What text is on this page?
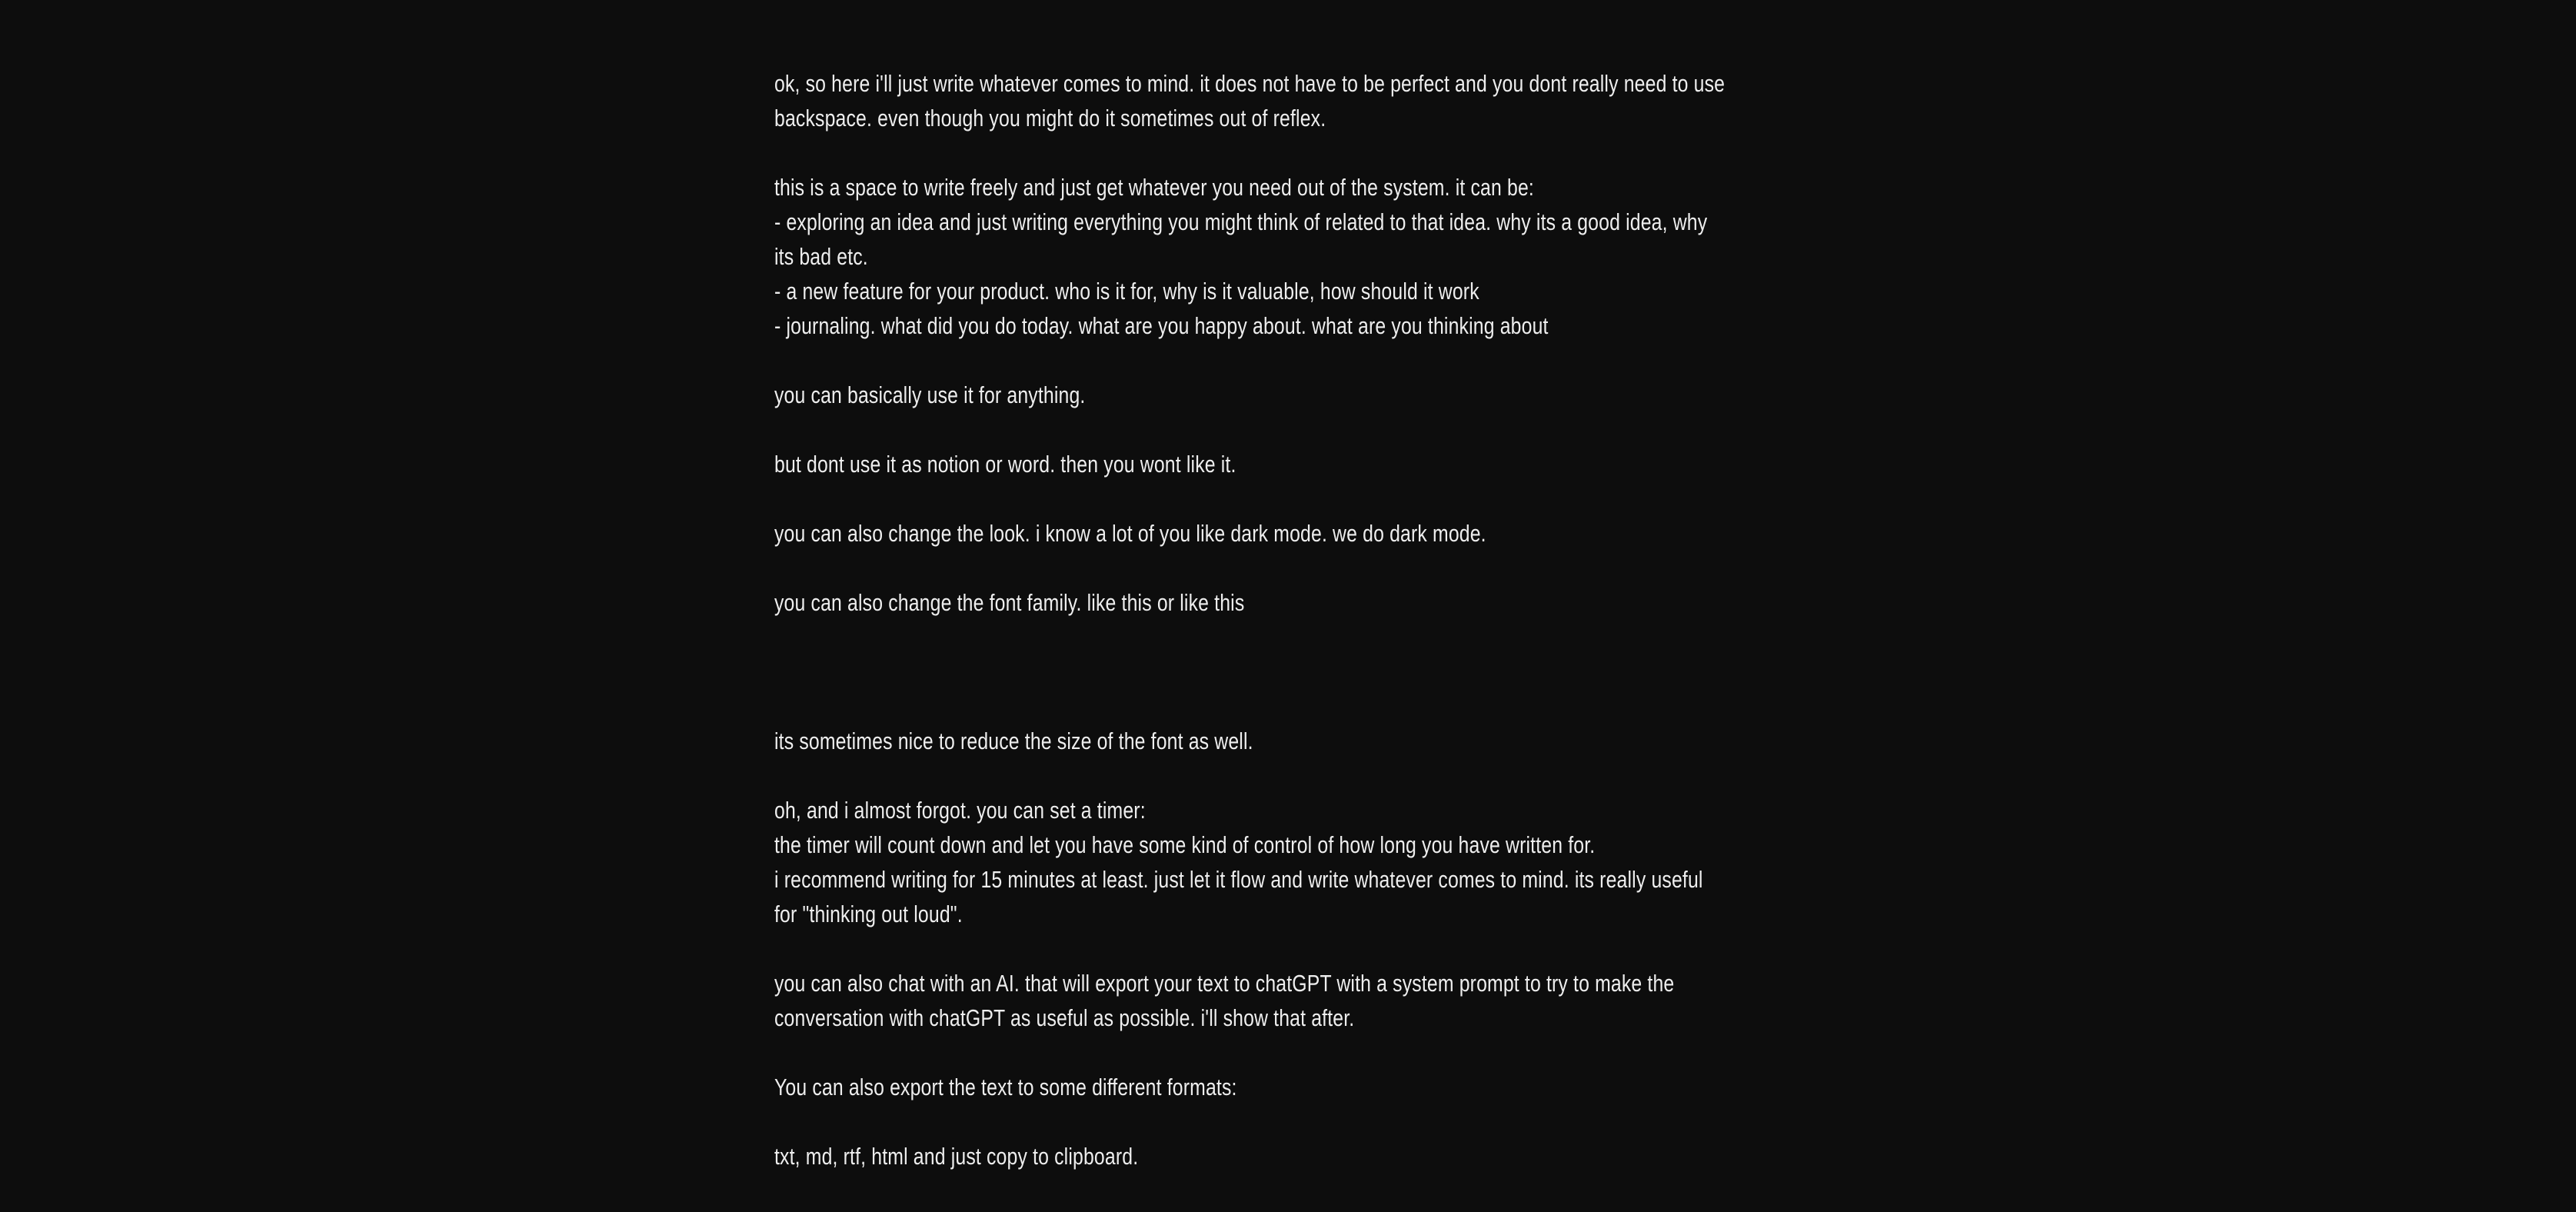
ok, so here i'll just write whatever comes to mind. it does not have to be perfect and you dont really need to use
backspace. even though you might do it sometimes out of reflex.
this is a space to write freely and just get whatever you need out of the system. it can be:
- exploring an idea and just writing everything you might think of related to that idea. why its a good idea, why
its bad etc.
- a new feature for your product. who is it for, why is it valuable, how should it work
- journaling. what did you do today. what are you happy about. what are you thinking about
you can basically use it for anything.
but dont use it as notion or word. then you wont like it.
you can also change the look. i know a lot of you like dark mode. we do dark mode.
you can also change the font family. like this or like this
its sometimes nice to reduce the size of the font as well.
oh, and i almost forgot. you can set a timer:
the timer will count down and let you have some kind of control of how long you have written for.
i recommend writing for 15 minutes at least. just let it flow and write whatever comes to mind. its really useful
for "thinking out loud".
you can also chat with an AI. that will export your text to chatGPT with a system prompt to try to make the
conversation with chatGPT as useful as possible. i'll show that after.
You can also export the text to some different formats:
txt, md, rtf, html and just copy to clipboard.
